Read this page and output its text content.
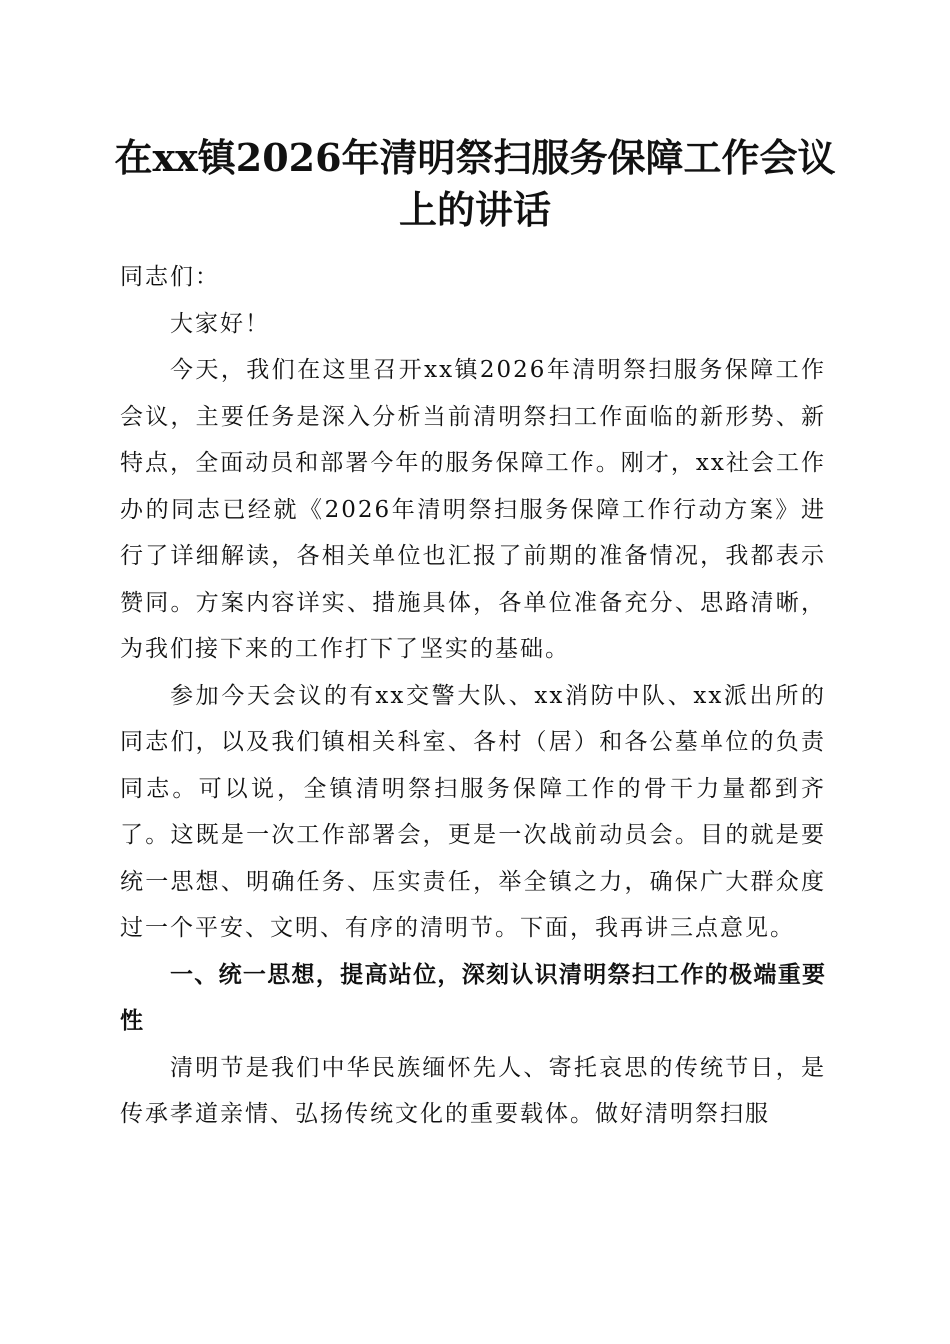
在xx镇2026年清明祭扫服务保障工作会议上的讲话

同志们：

大家好！

今天，我们在这里召开xx镇2026年清明祭扫服务保障工作会议，主要任务是深入分析当前清明祭扫工作面临的新形势、新特点，全面动员和部署今年的服务保障工作。刚才，xx社会工作办的同志已经就《2026年清明祭扫服务保障工作行动方案》进行了详细解读，各相关单位也汇报了前期的准备情况，我都表示赞同。方案内容详实、措施具体，各单位准备充分、思路清晰，为我们接下来的工作打下了坚实的基础。

参加今天会议的有xx交警大队、xx消防中队、xx派出所的同志们，以及我们镇相关科室、各村（居）和各公墓单位的负责同志。可以说，全镇清明祭扫服务保障工作的骨干力量都到齐了。这既是一次工作部署会，更是一次战前动员会。目的就是要统一思想、明确任务、压实责任，举全镇之力，确保广大群众度过一个平安、文明、有序的清明节。下面，我再讲三点意见。

一、统一思想，提高站位，深刻认识清明祭扫工作的极端重要性

清明节是我们中华民族缅怀先人、寄托哀思的传统节日，是传承孝道亲情、弘扬传统文化的重要载体。做好清明祭扫服
